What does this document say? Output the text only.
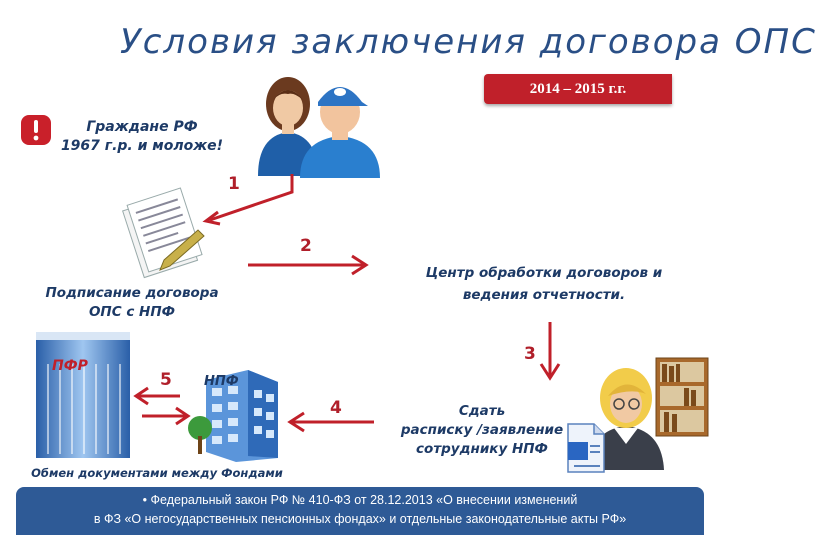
Условия заключения договора ОПС
2014 – 2015 г.г.
Граждане РФ
1967 г.р. и моложе!
1
Подписание договора
ОПС с НПФ
2
Центр обработки договоров и
ведения отчетности.
3
Сдать
расписку /заявление
сотруднику НПФ
4
ПФР
5 НПФ
Обмен документами между Фондами
• Федеральный закон РФ № 410-ФЗ от 28.12.2013 «О внесении изменений
в ФЗ «О негосударственных пенсионных фондах» и отдельные законодательные акты РФ»
